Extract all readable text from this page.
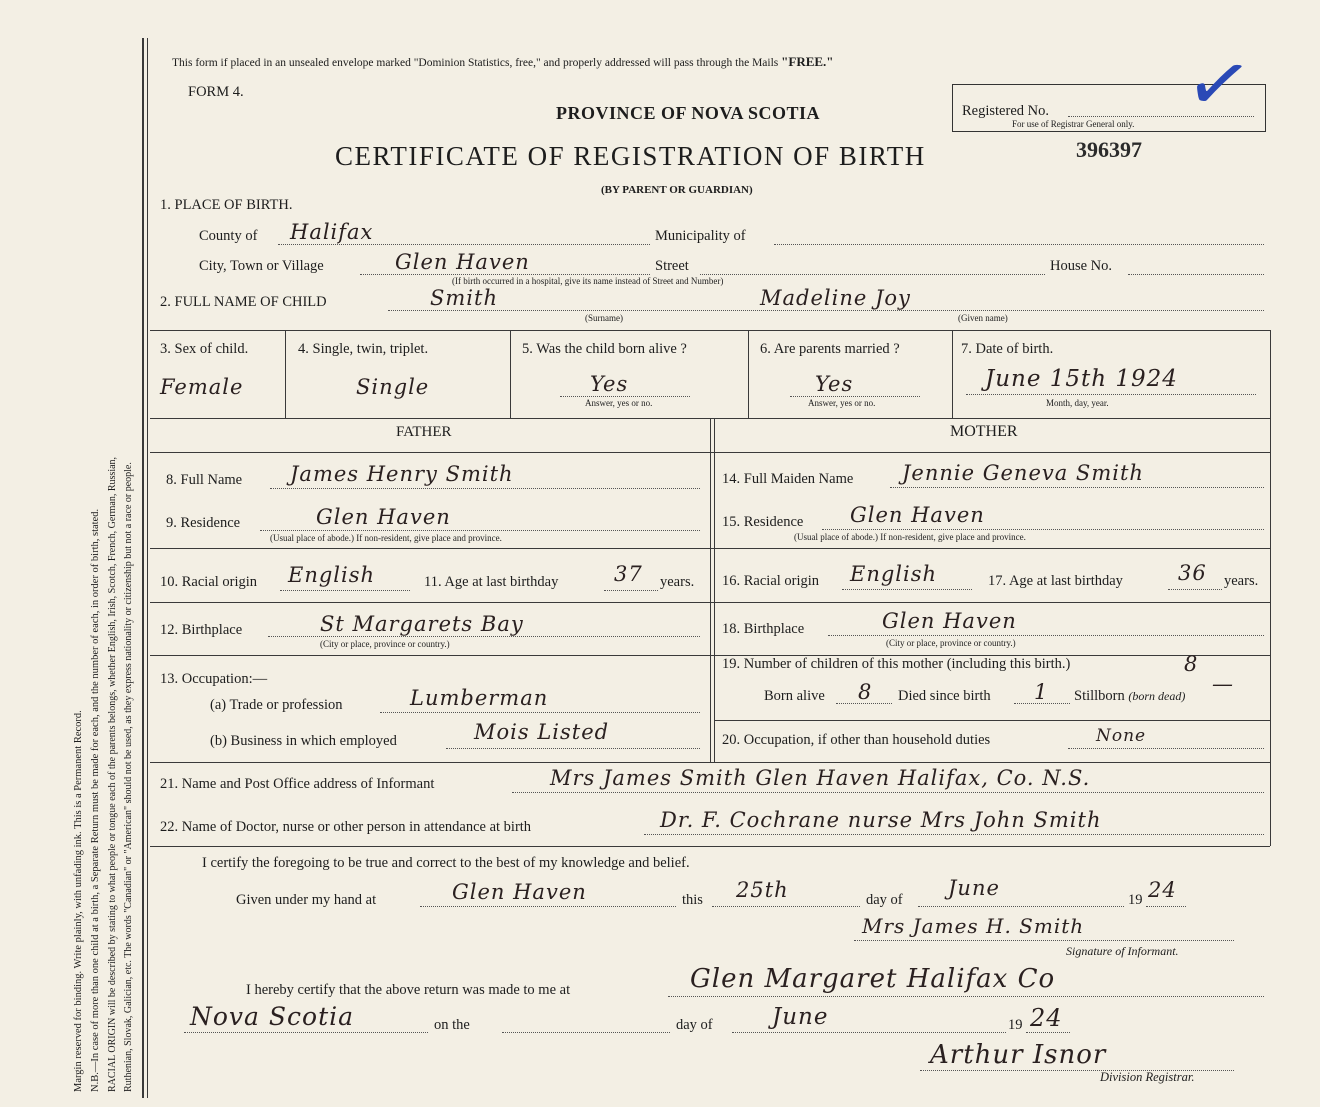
Margin reserved for binding. Write plainly, with unfading ink. This is a Permanent Record. N.B.—In case of more than one child at a birth, a Separate Return must be made for each, and the number of each, in order of birth, stated. RACIAL ORIGIN will be described by stating to what people or tongue each of the parents belongs, whether English, Irish, Scotch, French, German, Russian, Ruthenian, Slovak, Galician, etc. The words "Canadian" or "American" should not be used, as they express nationality or citizenship but not a race or people.
This form if placed in an unsealed envelope marked "Dominion Statistics, free," and properly addressed will pass through the Mails "FREE."
FORM 4.
PROVINCE OF NOVA SCOTIA
CERTIFICATE OF REGISTRATION OF BIRTH	396397
(BY PARENT OR GUARDIAN)
Registered No.
For use of Registrar General only. ✓
1. PLACE OF BIRTH.
County of Halifax	Municipality of
City, Town or Village	Glen Haven	Street	House No.
(If birth occurred in a hospital, give its name instead of Street and Number)
2. FULL NAME OF CHILD	Smith
(Surname)
Madeline Joy
(Given name)
3. Sex of child.
Female
4. Single, twin, triplet.
Single
5. Was the child born alive ?
Yes
Answer, yes or no.
6. Are parents married ?
Yes
Answer, yes or no.
7. Date of birth.
June 15th 1924
Month, day, year.
FATHER	MOTHER
8. Full Name James Henry Smith
9. Residence	Glen Haven
(Usual place of abode.) If non-resident, give place and province.
10. Racial origin English	11. Age at last birthday	37 years.
12. Birthplace	St Margarets Bay
(City or place, province or country.)
13. Occupation:—
(a) Trade or profession	Lumberman
(b) Business in which employed	Mois Listed
14. Full Maiden Name Jennie Geneva Smith
15. Residence Glen Haven
(Usual place of abode.) If non-resident, give place and province.
16. Racial origin English	17. Age at last birthday	36 years.
18. Birthplace	Glen Haven
(City or place, province or country.)
19. Number of children of this mother (including this birth.)	8
Born alive 8 Died since birth 1 Stillborn (born dead) —
20. Occupation, if other than household duties	None
21. Name and Post Office address of Informant	Mrs James Smith Glen Haven Halifax, Co. N.S.
22. Name of Doctor, nurse or other person in attendance at birth	Dr. F. Cochrane nurse Mrs John Smith
I certify the foregoing to be true and correct to the best of my knowledge and belief.
Given under my hand at	Glen Haven	this 25th	day of June	19 24
Mrs James H. Smith
Signature of Informant.
I hereby certify that the above return was made to me at	Glen Margaret Halifax Co
Nova Scotia	on the	day of	June	19 24
Arthur Isnor
Division Registrar.
